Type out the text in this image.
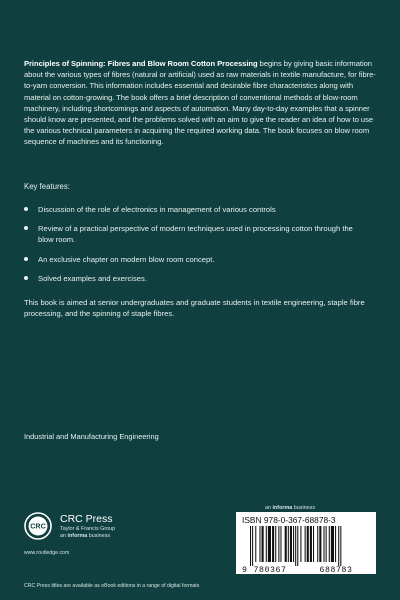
Principles of Spinning: Fibres and Blow Room Cotton Processing begins by giving basic information about the various types of fibres (natural or artificial) used as raw materials in textile manufacture, for fibre-to-yarn conversion. This information includes essential and desirable fibre characteristics along with material on cotton-growing. The book offers a brief description of conventional methods of blow-room machinery, including shortcomings and aspects of automation. Many day-to-day examples that a spinner should know are presented, and the problems solved with an aim to give the reader an idea of how to use the various technical parameters in acquiring the required working data. The book focuses on blow room sequence of machines and its functioning.

Key features:

Discussion of the role of electronics in management of various controls
Review of a practical perspective of modern techniques used in processing cotton through the blow room.
An exclusive chapter on modern blow room concept.
Solved examples and exercises.

This book is aimed at senior undergraduates and graduate students in textile engineering, staple fibre processing, and the spinning of staple fibres.

Industrial and Manufacturing Engineering

an informa business
CRC
CRC Press
Taylor & Francis Group
an informa business
www.routledge.com
ISBN 978-0-367-68878-3
9 780367	688783
CRC Press titles are available as eBook editions in a range of digital formats
